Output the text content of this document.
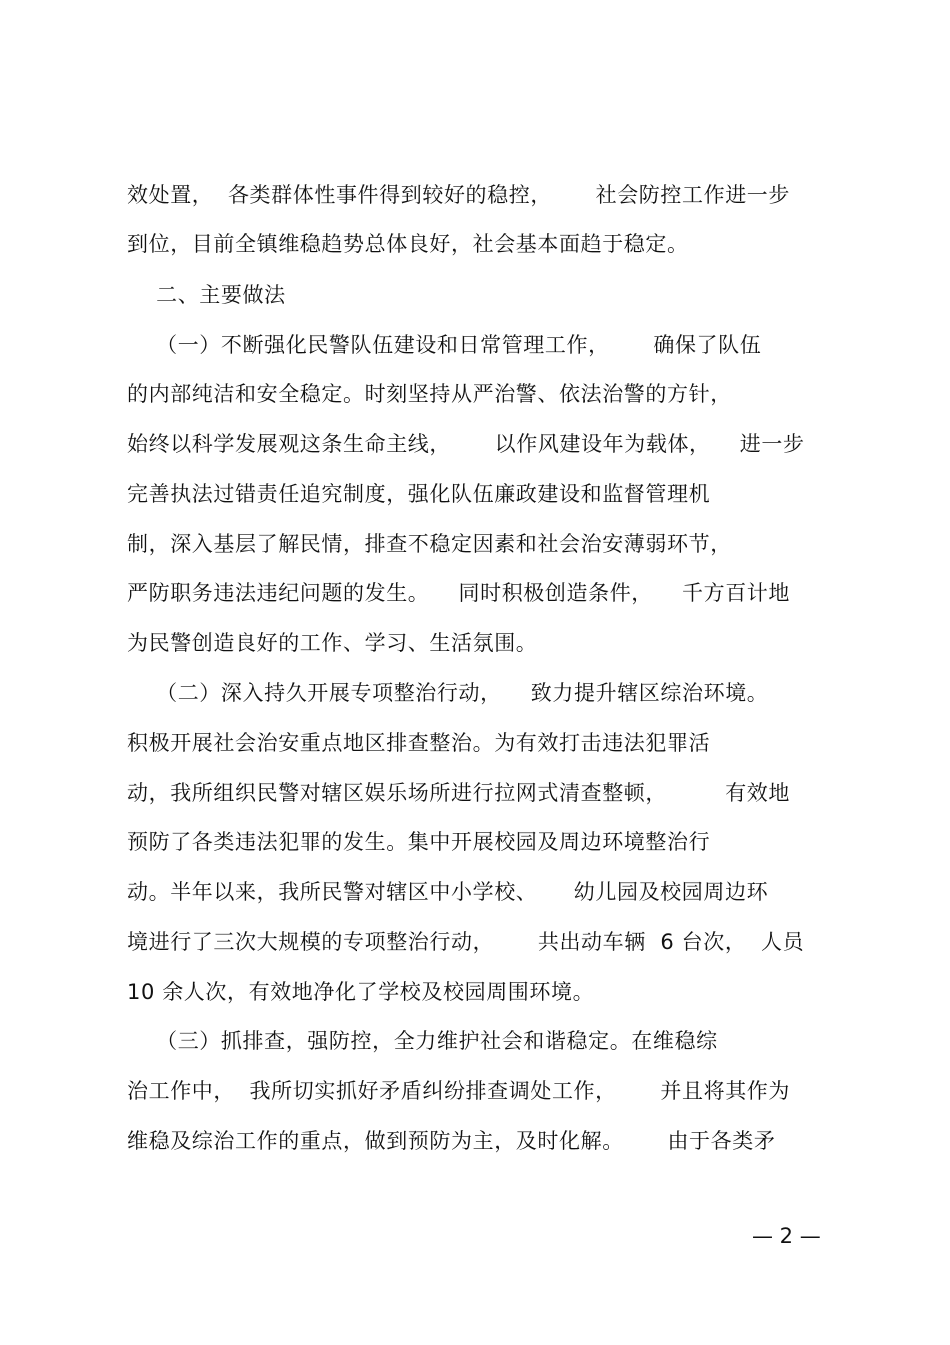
效处置，  各类群体性事件得到较好的稳控，      社会防控工作进一步
到位，目前全镇维稳趋势总体良好，社会基本面趋于稳定。
二、主要做法
（一）不断强化民警队伍建设和日常管理工作，      确保了队伍
的内部纯洁和安全稳定。时刻坚持从严治警、依法治警的方针，
始终以科学发展观这条生命主线，      以作风建设年为载体，    进一步
完善执法过错责任追究制度，强化队伍廉政建设和监督管理机
制，深入基层了解民情，排查不稳定因素和社会治安薄弱环节，
严防职务违法违纪问题的发生。    同时积极创造条件，    千方百计地
为民警创造良好的工作、学习、生活氛围。
（二）深入持久开展专项整治行动，    致力提升辖区综治环境。
积极开展社会治安重点地区排查整治。为有效打击违法犯罪活
动，我所组织民警对辖区娱乐场所进行拉网式清查整顿，        有效地
预防了各类违法犯罪的发生。集中开展校园及周边环境整治行
动。半年以来，我所民警对辖区中小学校、     幼儿园及校园周边环
境进行了三次大规模的专项整治行动，      共出动车辆  6 台次，  人员
10 余人次，有效地净化了学校及校园周围环境。
（三）抓排查，强防控，全力维护社会和谐稳定。在维稳综
治工作中，  我所切实抓好矛盾纠纷排查调处工作，      并且将其作为
维稳及综治工作的重点，做到预防为主，及时化解。      由于各类矛
— 2 —
